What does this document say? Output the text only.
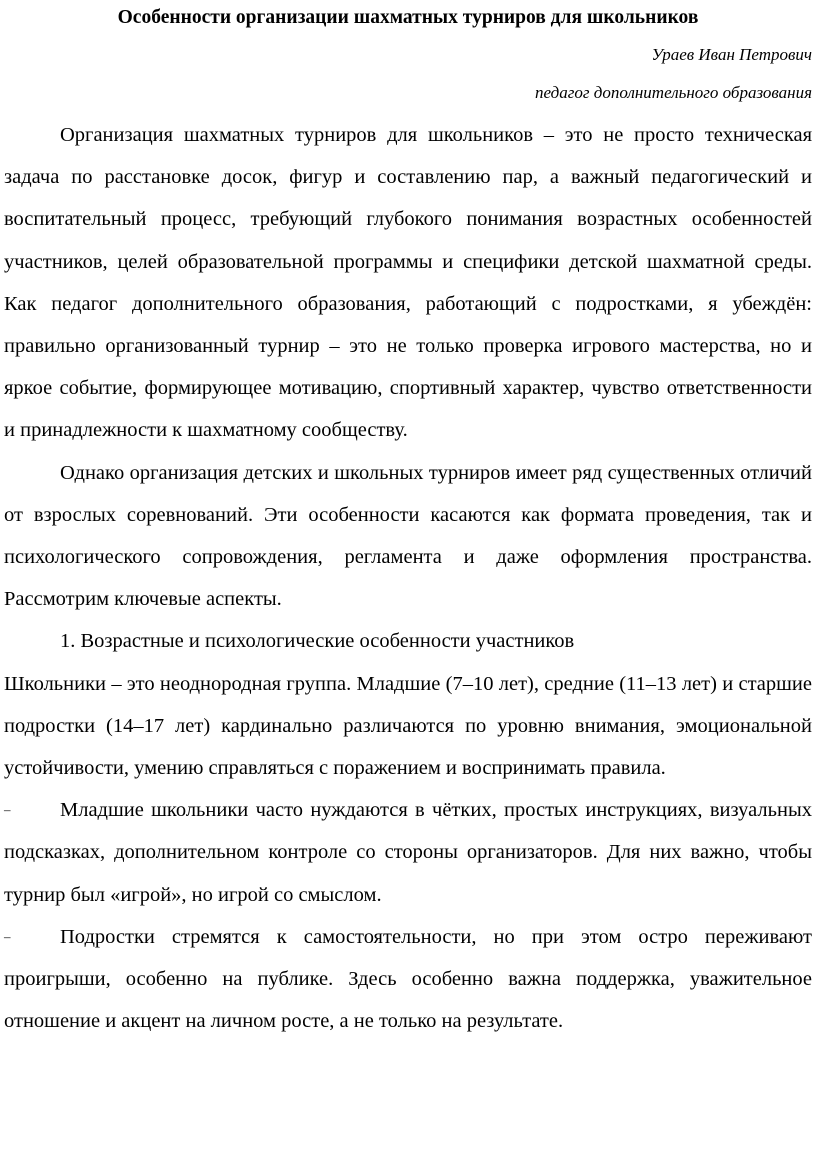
Особенности организации шахматных турниров для школьников
Ураев Иван Петрович
педагог дополнительного образования

Организация шахматных турниров для школьников – это не просто техническая задача по расстановке досок, фигур и составлению пар, а важный педагогический и воспитательный процесс, требующий глубокого понимания возрастных особенностей участников, целей образовательной программы и специфики детской шахматной среды. Как педагог дополнительного образования, работающий с подростками, я убеждён: правильно организованный турнир – это не только проверка игрового мастерства, но и яркое событие, формирующее мотивацию, спортивный характер, чувство ответственности и принадлежности к шахматному сообществу.

Однако организация детских и школьных турниров имеет ряд существенных отличий от взрослых соревнований. Эти особенности касаются как формата проведения, так и психологического сопровождения, регламента и даже оформления пространства. Рассмотрим ключевые аспекты.

1. Возрастные и психологические особенности участников

Школьники – это неоднородная группа. Младшие (7–10 лет), средние (11–13 лет) и старшие подростки (14–17 лет) кардинально различаются по уровню внимания, эмоциональной устойчивости, умению справляться с поражением и воспринимать правила.

– Младшие школьники часто нуждаются в чётких, простых инструкциях, визуальных подсказках, дополнительном контроле со стороны организаторов. Для них важно, чтобы турнир был «игрой», но игрой со смыслом.

– Подростки стремятся к самостоятельности, но при этом остро переживают проигрыши, особенно на публике. Здесь особенно важна поддержка, уважительное отношение и акцент на личном росте, а не только на результате.
